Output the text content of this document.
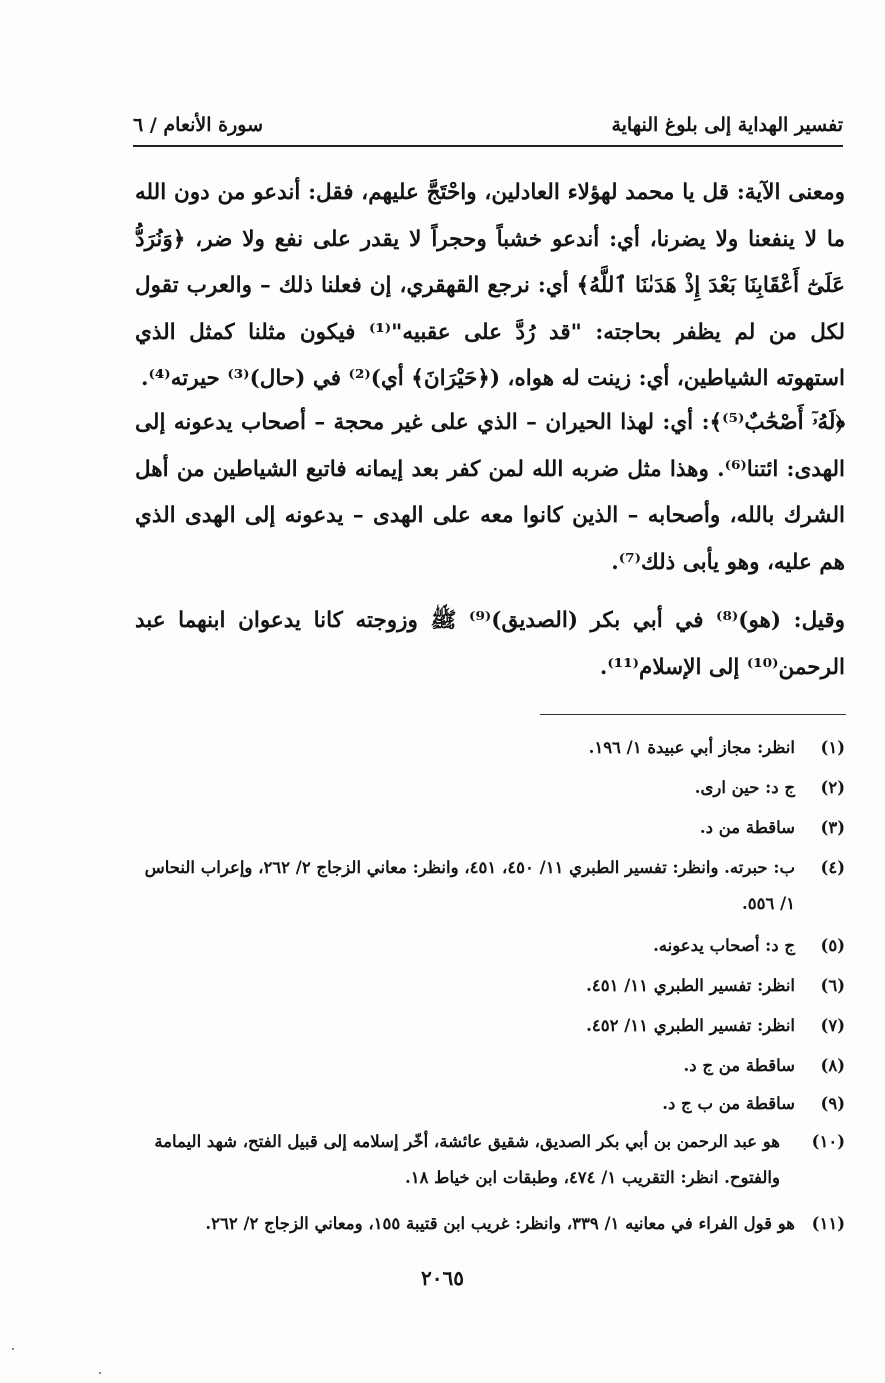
تفسير الهداية إلى بلوغ النهاية
سورة الأنعام / ٦

ومعنى الآية: قل يا محمد لهؤلاء العادلين، واحْتَجَّ عليهم، فقل: أندعو من دون الله ما لا ينفعنا ولا يضرنا، أي: أندعو خشباً وحجراً لا يقدر على نفع ولا ضر، ﴿وَنُرَدُّ عَلَىٰٓ أَعْقَابِنَا بَعْدَ إِذْ هَدَىٰنَا ٱللَّهُ﴾ أي: نرجع القهقري، إن فعلنا ذلك – والعرب تقول لكل من لم يظفر بحاجته: "قد رُدَّ على عقبيه"⁽¹⁾ فيكون مثلنا كمثل الذي استهوته الشياطين، أي: زينت له هواه، (﴿حَيْرَانَ﴾ أي)⁽²⁾ في (حال)⁽³⁾ حيرته⁽⁴⁾.

﴿لَهُۥٓ أَصْحَٰبٌ⁽⁵⁾﴾: أي: لهذا الحيران – الذي على غير محجة – أصحاب يدعونه إلى الهدى: ائتنا⁽⁶⁾. وهذا مثل ضربه الله لمن كفر بعد إيمانه فاتبع الشياطين من أهل الشرك بالله، وأصحابه – الذين كانوا معه على الهدى – يدعونه إلى الهدى الذي هم عليه، وهو يأبى ذلك⁽⁷⁾.

وقيل: (هو)⁽⁸⁾ في أبي بكر (الصديق)⁽⁹⁾ ﷺ وزوجته كانا يدعوان ابنهما عبد الرحمن⁽¹⁰⁾ إلى الإسلام⁽¹¹⁾.

(١)
انظر: مجاز أبي عبيدة ١/ ١٩٦.
(٢)
ج د: حين ارى.
(٣)
ساقطة من د.
(٤)
ب: حبرته. وانظر: تفسير الطبري ١١/ ٤٥٠، ٤٥١، وانظر: معاني الزجاج ٢/ ٢٦٢، وإعراب النحاس ١/ ٥٥٦.
(٥)
ج د: أصحاب يدعونه.
(٦)
انظر: تفسير الطبري ١١/ ٤٥١.
(٧)
انظر: تفسير الطبري ١١/ ٤٥٢.
(٨)
ساقطة من ج د.
(٩)
ساقطة من ب ج د.
(١٠)
هو عبد الرحمن بن أبي بكر الصديق، شقيق عائشة، أخّر إسلامه إلى قبيل الفتح، شهد اليمامة والفتوح. انظر: التقريب ١/ ٤٧٤، وطبقات ابن خياط ١٨.
(١١)
هو قول الفراء في معانيه ١/ ٣٣٩، وانظر: غريب ابن قتيبة ١٥٥، ومعاني الزجاج ٢/ ٢٦٢.
٢٠٦٥
